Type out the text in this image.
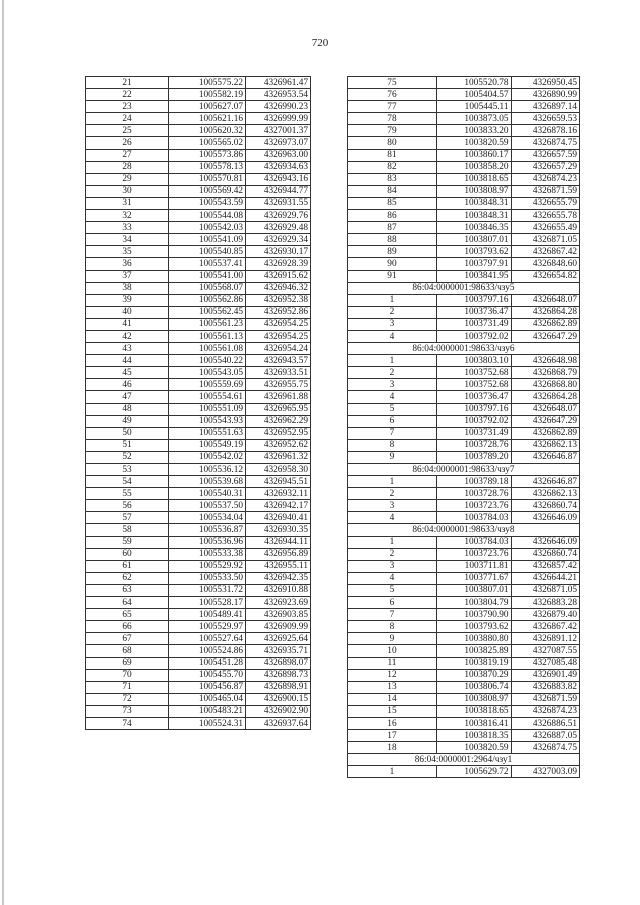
720
21	1005575.22	4326961.47
22	1005582.19	4326953.54
23	1005627.07	4326990.23
24	1005621.16	4326999.99
25	1005620.32	4327001.37
26	1005565.02	4326973.07
27	1005573.86	4326963.00
28	1005578.13	4326934.63
29	1005570.81	4326943.16
30	1005569.42	4326944.77
31	1005543.59	4326931.55
32	1005544.08	4326929.76
33	1005542.03	4326929.48
34	1005541.09	4326929.34
35	1005540.85	4326930.17
36	1005537.41	4326928.39
37	1005541.00	4326915.62
38	1005568.07	4326946.32
39	1005562.86	4326952.38
40	1005562.45	4326952.86
41	1005561.23	4326954.25
42	1005561.13	4326954.25
43	1005561.08	4326954.24
44	1005540.22	4326943.57
45	1005543.05	4326933.51
46	1005559.69	4326955.75
47	1005554.61	4326961.88
48	1005551.09	4326965.95
49	1005543.93	4326962.29
50	1005551.63	4326952.95
51	1005549.19	4326952.62
52	1005542.02	4326961.32
53	1005536.12	4326958.30
54	1005539.68	4326945.51
55	1005540.31	4326932.11
56	1005537.50	4326942.17
57	1005534.04	4326940.41
58	1005536.87	4326930.35
59	1005536.96	4326944.11
60	1005533.38	4326956.89
61	1005529.92	4326955.11
62	1005533.50	4326942.35
63	1005531.72	4326910.88
64	1005528.17	4326923.69
65	1005489.41	4326903.85
66	1005529.97	4326909.99
67	1005527.64	4326925.64
68	1005524.86	4326935.71
69	1005451.28	4326898.07
70	1005455.70	4326898.73
71	1005456.87	4326898.91
72	1005465.04	4326900.15
73	1005483.21	4326902.90
74	1005524.31	4326937.64
75	1005520.78	4326950.45
76	1005404.57	4326890.99
77	1005445.11	4326897.14
78	1003873.05	4326659.53
79	1003833.20	4326878.16
80	1003820.59	4326874.75
81	1003860.17	4326657.59
82	1003858.20	4326657.29
83	1003818.65	4326874.23
84	1003808.97	4326871.59
85	1003848.31	4326655.79
86	1003848.31	4326655.78
87	1003846.35	4326655.49
88	1003807.01	4326871.05
89	1003793.62	4326867.42
90	1003797.91	4326848.60
91	1003841.95	4326654.82
86:04:0000001:98633/чзу5		
1	1003797.16	4326648.07
2	1003736.47	4326864.28
3	1003731.49	4326862.89
4	1003792.02	4326647.29
86:04:0000001:98633/чзу6		
1	1003803.10	4326648.98
2	1003752.68	4326868.79
3	1003752.68	4326868.80
4	1003736.47	4326864.28
5	1003797.16	4326648.07
6	1003792.02	4326647.29
7	1003731.49	4326862.89
8	1003728.76	4326862.13
9	1003789.20	4326646.87
86:04:0000001:98633/чзу7		
1	1003789.18	4326646.87
2	1003728.76	4326862.13
3	1003723.76	4326860.74
4	1003784.03	4326646.09
86:04:0000001:98633/чзу8		
1	1003784.03	4326646.09
2	1003723.76	4326860.74
3	1003711.81	4326857.42
4	1003771.67	4326644.21
5	1003807.01	4326871.05
6	1003804.79	4326883.28
7	1003790.90	4326879.40
8	1003793.62	4326867.42
9	1003880.80	4326891.12
10	1003825.89	4327087.55
11	1003819.19	4327085.48
12	1003870.29	4326901.49
13	1003806.74	4326883.82
14	1003808.97	4326871.59
15	1003818.65	4326874.23
16	1003816.41	4326886.51
17	1003818.35	4326887.05
18	1003820.59	4326874.75
86:04:0000001:2964/чзу1		
1	1005629.72	4327003.09
